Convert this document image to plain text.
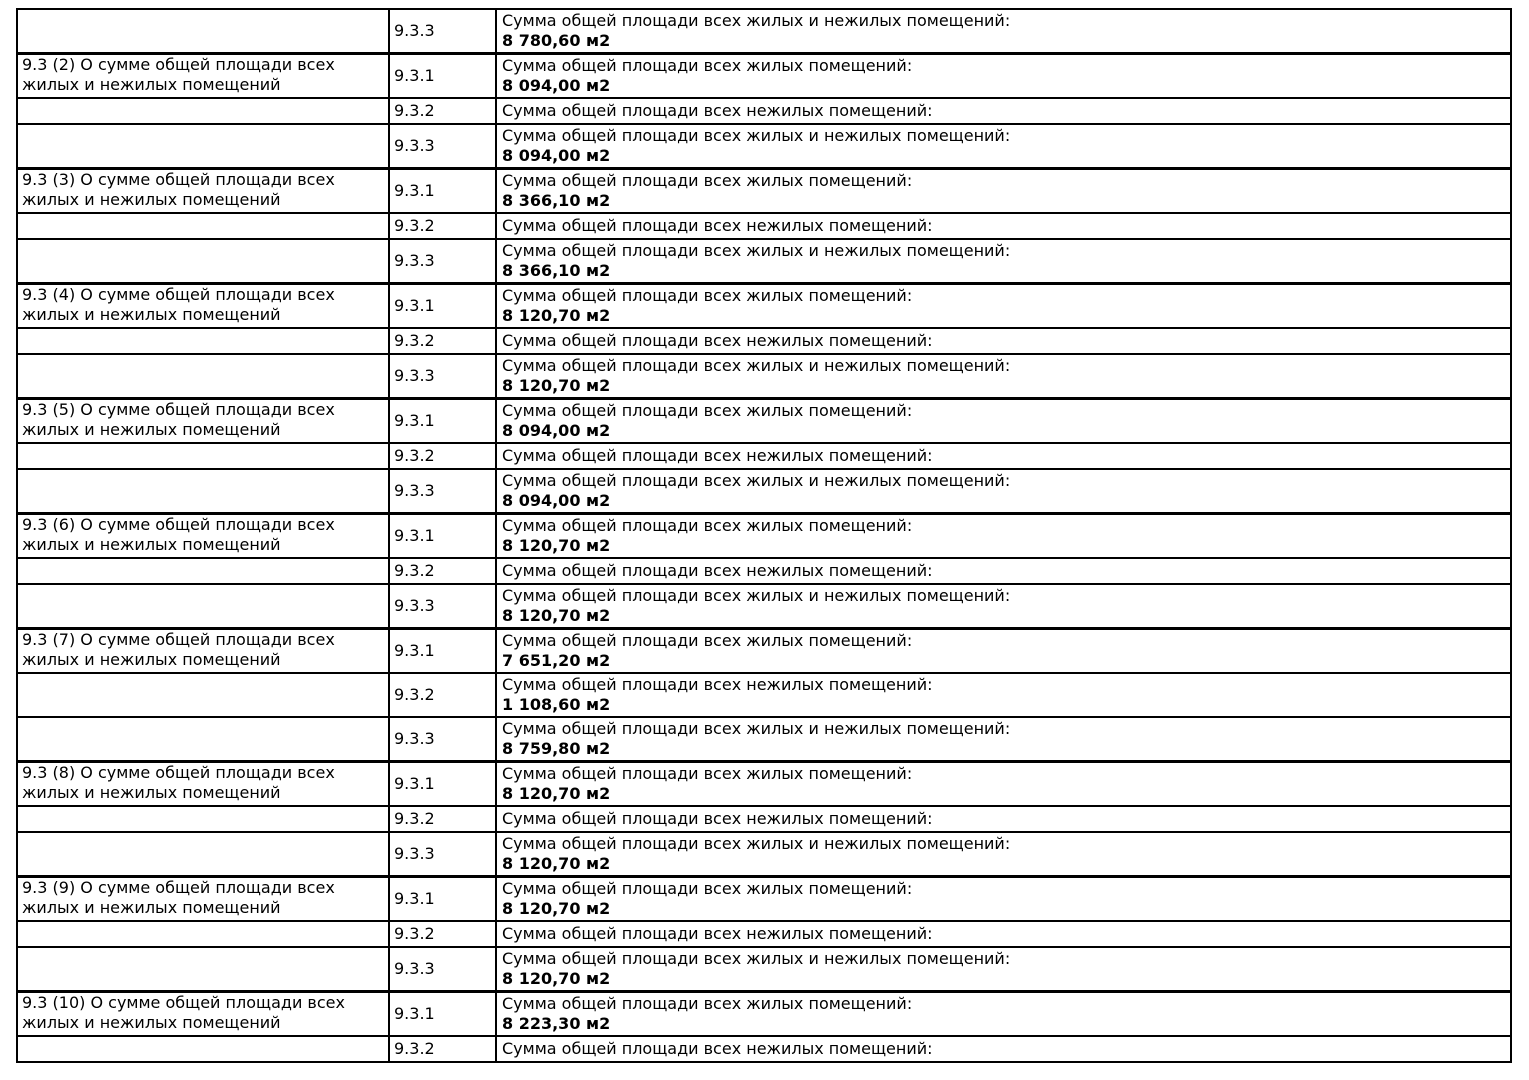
	9.3.3	Сумма общей площади всех жилых и нежилых помещений:
8 780,60 м2

9.3 (2) О сумме общей площади всех жилых и нежилых помещений	9.3.1	Сумма общей площади всех жилых помещений:
8 094,00 м2

	9.3.2	Сумма общей площади всех нежилых помещений:

	9.3.3	Сумма общей площади всех жилых и нежилых помещений:
8 094,00 м2

9.3 (3) О сумме общей площади всех жилых и нежилых помещений	9.3.1	Сумма общей площади всех жилых помещений:
8 366,10 м2

	9.3.2	Сумма общей площади всех нежилых помещений:

	9.3.3	Сумма общей площади всех жилых и нежилых помещений:
8 366,10 м2

9.3 (4) О сумме общей площади всех жилых и нежилых помещений	9.3.1	Сумма общей площади всех жилых помещений:
8 120,70 м2

	9.3.2	Сумма общей площади всех нежилых помещений:

	9.3.3	Сумма общей площади всех жилых и нежилых помещений:
8 120,70 м2

9.3 (5) О сумме общей площади всех жилых и нежилых помещений	9.3.1	Сумма общей площади всех жилых помещений:
8 094,00 м2

	9.3.2	Сумма общей площади всех нежилых помещений:

	9.3.3	Сумма общей площади всех жилых и нежилых помещений:
8 094,00 м2

9.3 (6) О сумме общей площади всех жилых и нежилых помещений	9.3.1	Сумма общей площади всех жилых помещений:
8 120,70 м2

	9.3.2	Сумма общей площади всех нежилых помещений:

	9.3.3	Сумма общей площади всех жилых и нежилых помещений:
8 120,70 м2

9.3 (7) О сумме общей площади всех жилых и нежилых помещений	9.3.1	Сумма общей площади всех жилых помещений:
7 651,20 м2

	9.3.2	Сумма общей площади всех нежилых помещений:
1 108,60 м2

	9.3.3	Сумма общей площади всех жилых и нежилых помещений:
8 759,80 м2

9.3 (8) О сумме общей площади всех жилых и нежилых помещений	9.3.1	Сумма общей площади всех жилых помещений:
8 120,70 м2

	9.3.2	Сумма общей площади всех нежилых помещений:

	9.3.3	Сумма общей площади всех жилых и нежилых помещений:
8 120,70 м2

9.3 (9) О сумме общей площади всех жилых и нежилых помещений	9.3.1	Сумма общей площади всех жилых помещений:
8 120,70 м2

	9.3.2	Сумма общей площади всех нежилых помещений:

	9.3.3	Сумма общей площади всех жилых и нежилых помещений:
8 120,70 м2

9.3 (10) О сумме общей площади всех жилых и нежилых помещений	9.3.1	Сумма общей площади всех жилых помещений:
8 223,30 м2

	9.3.2	Сумма общей площади всех нежилых помещений:
